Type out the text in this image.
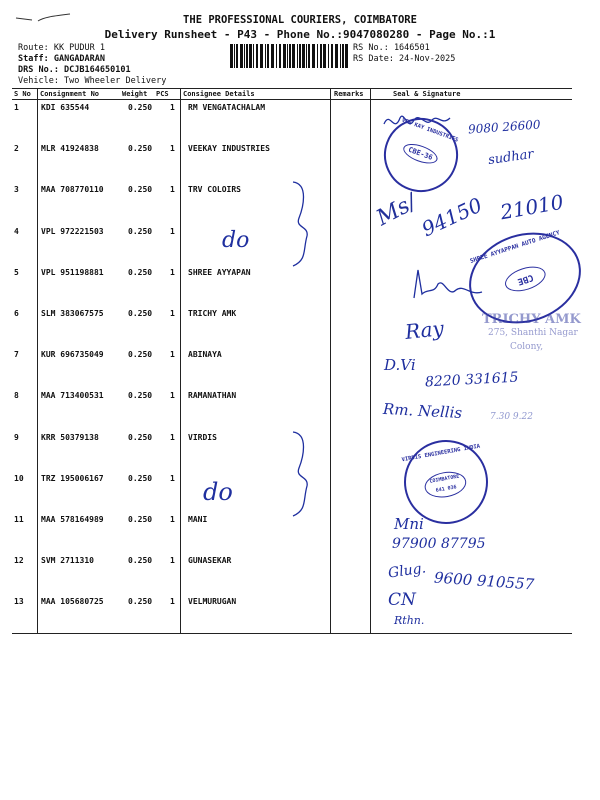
THE PROFESSIONAL COURIERS, COIMBATORE
Delivery Runsheet - P43 - Phone No.:9047080280 - Page No.:1
Route: KK PUDUR 1
Staff: GANGADARAN
DRS No.: DCJB164650101
Vehicle: Two Wheeler Delivery
RS No.: 1646501
RS Date: 24-Nov-2025
S No Consignment No	Weight PCS Consignee Details	Remarks	Seal & Signature
1	KDI 635544	0.250 1 RM VENGATACHALAM
2	MLR 41924838	0.250 1 VEEKAY INDUSTRIES
3	MAA 708770110	0.250 1 TRV COLOIRS
4	VPL 972221503	0.250 1
5	VPL 951198881	0.250 1 SHREE AYYAPAN
6	SLM 383067575	0.250 1 TRICHY AMK
7	KUR 696735049	0.250 1 ABINAYA
8	MAA 713400531	0.250 1 RAMANATHAN
9	KRR 50379138	0.250 1 VIRDIS
10 TRZ 195006167	0.250 1
11 MAA 578164989	0.250 1 MANI
12 SVM 2711310	0.250 1 GUNASEKAR
13 MAA 105680725	0.250 1 VELMURUGAN
do
do
9080 26600
VEE KAY INDUSTRIES
CBE-36	sudhar
Ms/
94150 21010
SHREE AYYAPPAN AUTO AGENCY
CBE
Ray	TRICHY AMK
275, Shanthi Nagar
Colony,
D.Vi
8220 331615
Rm. Nellis	7.30 9.22
VIRDIS ENGINEERING INDIA
COIMBATORE 641 036
Mni
97900 87795
Glug. 9600 910557
CN
Rthn.
